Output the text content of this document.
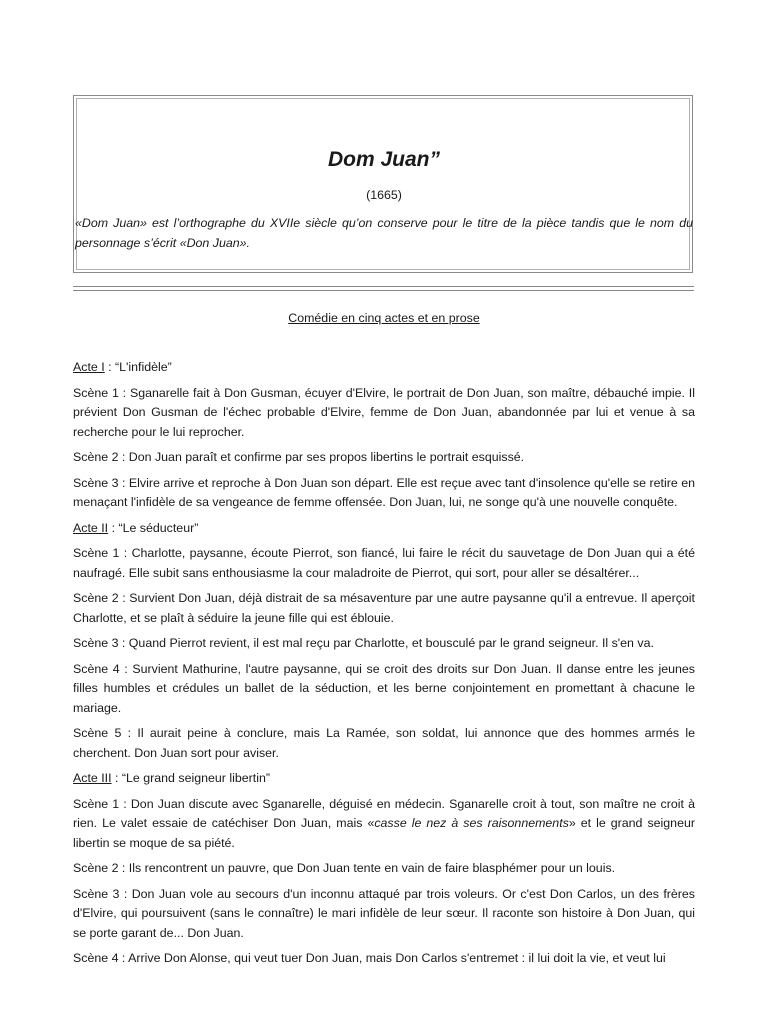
Dom Juan”
(1665)
«Dom Juan» est l’orthographe du XVIIe siècle qu’on conserve pour le titre de la pièce tandis que le nom du personnage s’écrit «Don Juan».
Comédie en cinq actes et en prose

Acte I : “L'infidèle”

Scène 1 : Sganarelle fait à Don Gusman, écuyer d'Elvire, le portrait de Don Juan, son maître, débauché impie. Il prévient Don Gusman de l'échec probable d'Elvire, femme de Don Juan, abandonnée par lui et venue à sa recherche pour le lui reprocher.

Scène 2 : Don Juan paraît et confirme par ses propos libertins le portrait esquissé.

Scène 3 : Elvire arrive et reproche à Don Juan son départ. Elle est reçue avec tant d'insolence qu'elle se retire en menaçant l'infidèle de sa vengeance de femme offensée. Don Juan, lui, ne songe qu'à une nouvelle conquête.

Acte II : “Le séducteur”

Scène 1 : Charlotte, paysanne, écoute Pierrot, son fiancé, lui faire le récit du sauvetage de Don Juan qui a été naufragé. Elle subit sans enthousiasme la cour maladroite de Pierrot, qui sort, pour aller se désaltérer...

Scène 2 : Survient Don Juan, déjà distrait de sa mésaventure par une autre paysanne qu'il a entrevue. Il aperçoit Charlotte, et se plaît à séduire la jeune fille qui est éblouie.

Scène 3 : Quand Pierrot revient, il est mal reçu par Charlotte, et bousculé par le grand seigneur. Il s'en va.

Scène 4 : Survient Mathurine, l'autre paysanne, qui se croit des droits sur Don Juan. Il danse entre les jeunes filles humbles et crédules un ballet de la séduction, et les berne conjointement en promettant à chacune le mariage.

Scène 5 : Il aurait peine à conclure, mais La Ramée, son soldat, lui annonce que des hommes armés le cherchent. Don Juan sort pour aviser.

Acte III : “Le grand seigneur libertin”

Scène 1 : Don Juan discute avec Sganarelle, déguisé en médecin. Sganarelle croit à tout, son maître ne croit à rien. Le valet essaie de catéchiser Don Juan, mais «casse le nez à ses raisonnements» et le grand seigneur libertin se moque de sa piété.

Scène 2 : Ils rencontrent un pauvre, que Don Juan tente en vain de faire blasphémer pour un louis.

Scène 3 : Don Juan vole au secours d'un inconnu attaqué par trois voleurs. Or c'est Don Carlos, un des frères d'Elvire, qui poursuivent (sans le connaître) le mari infidèle de leur sœur. Il raconte son histoire à Don Juan, qui se porte garant de... Don Juan.

Scène 4 : Arrive Don Alonse, qui veut tuer Don Juan, mais Don Carlos s'entremet : il lui doit la vie, et veut lui
